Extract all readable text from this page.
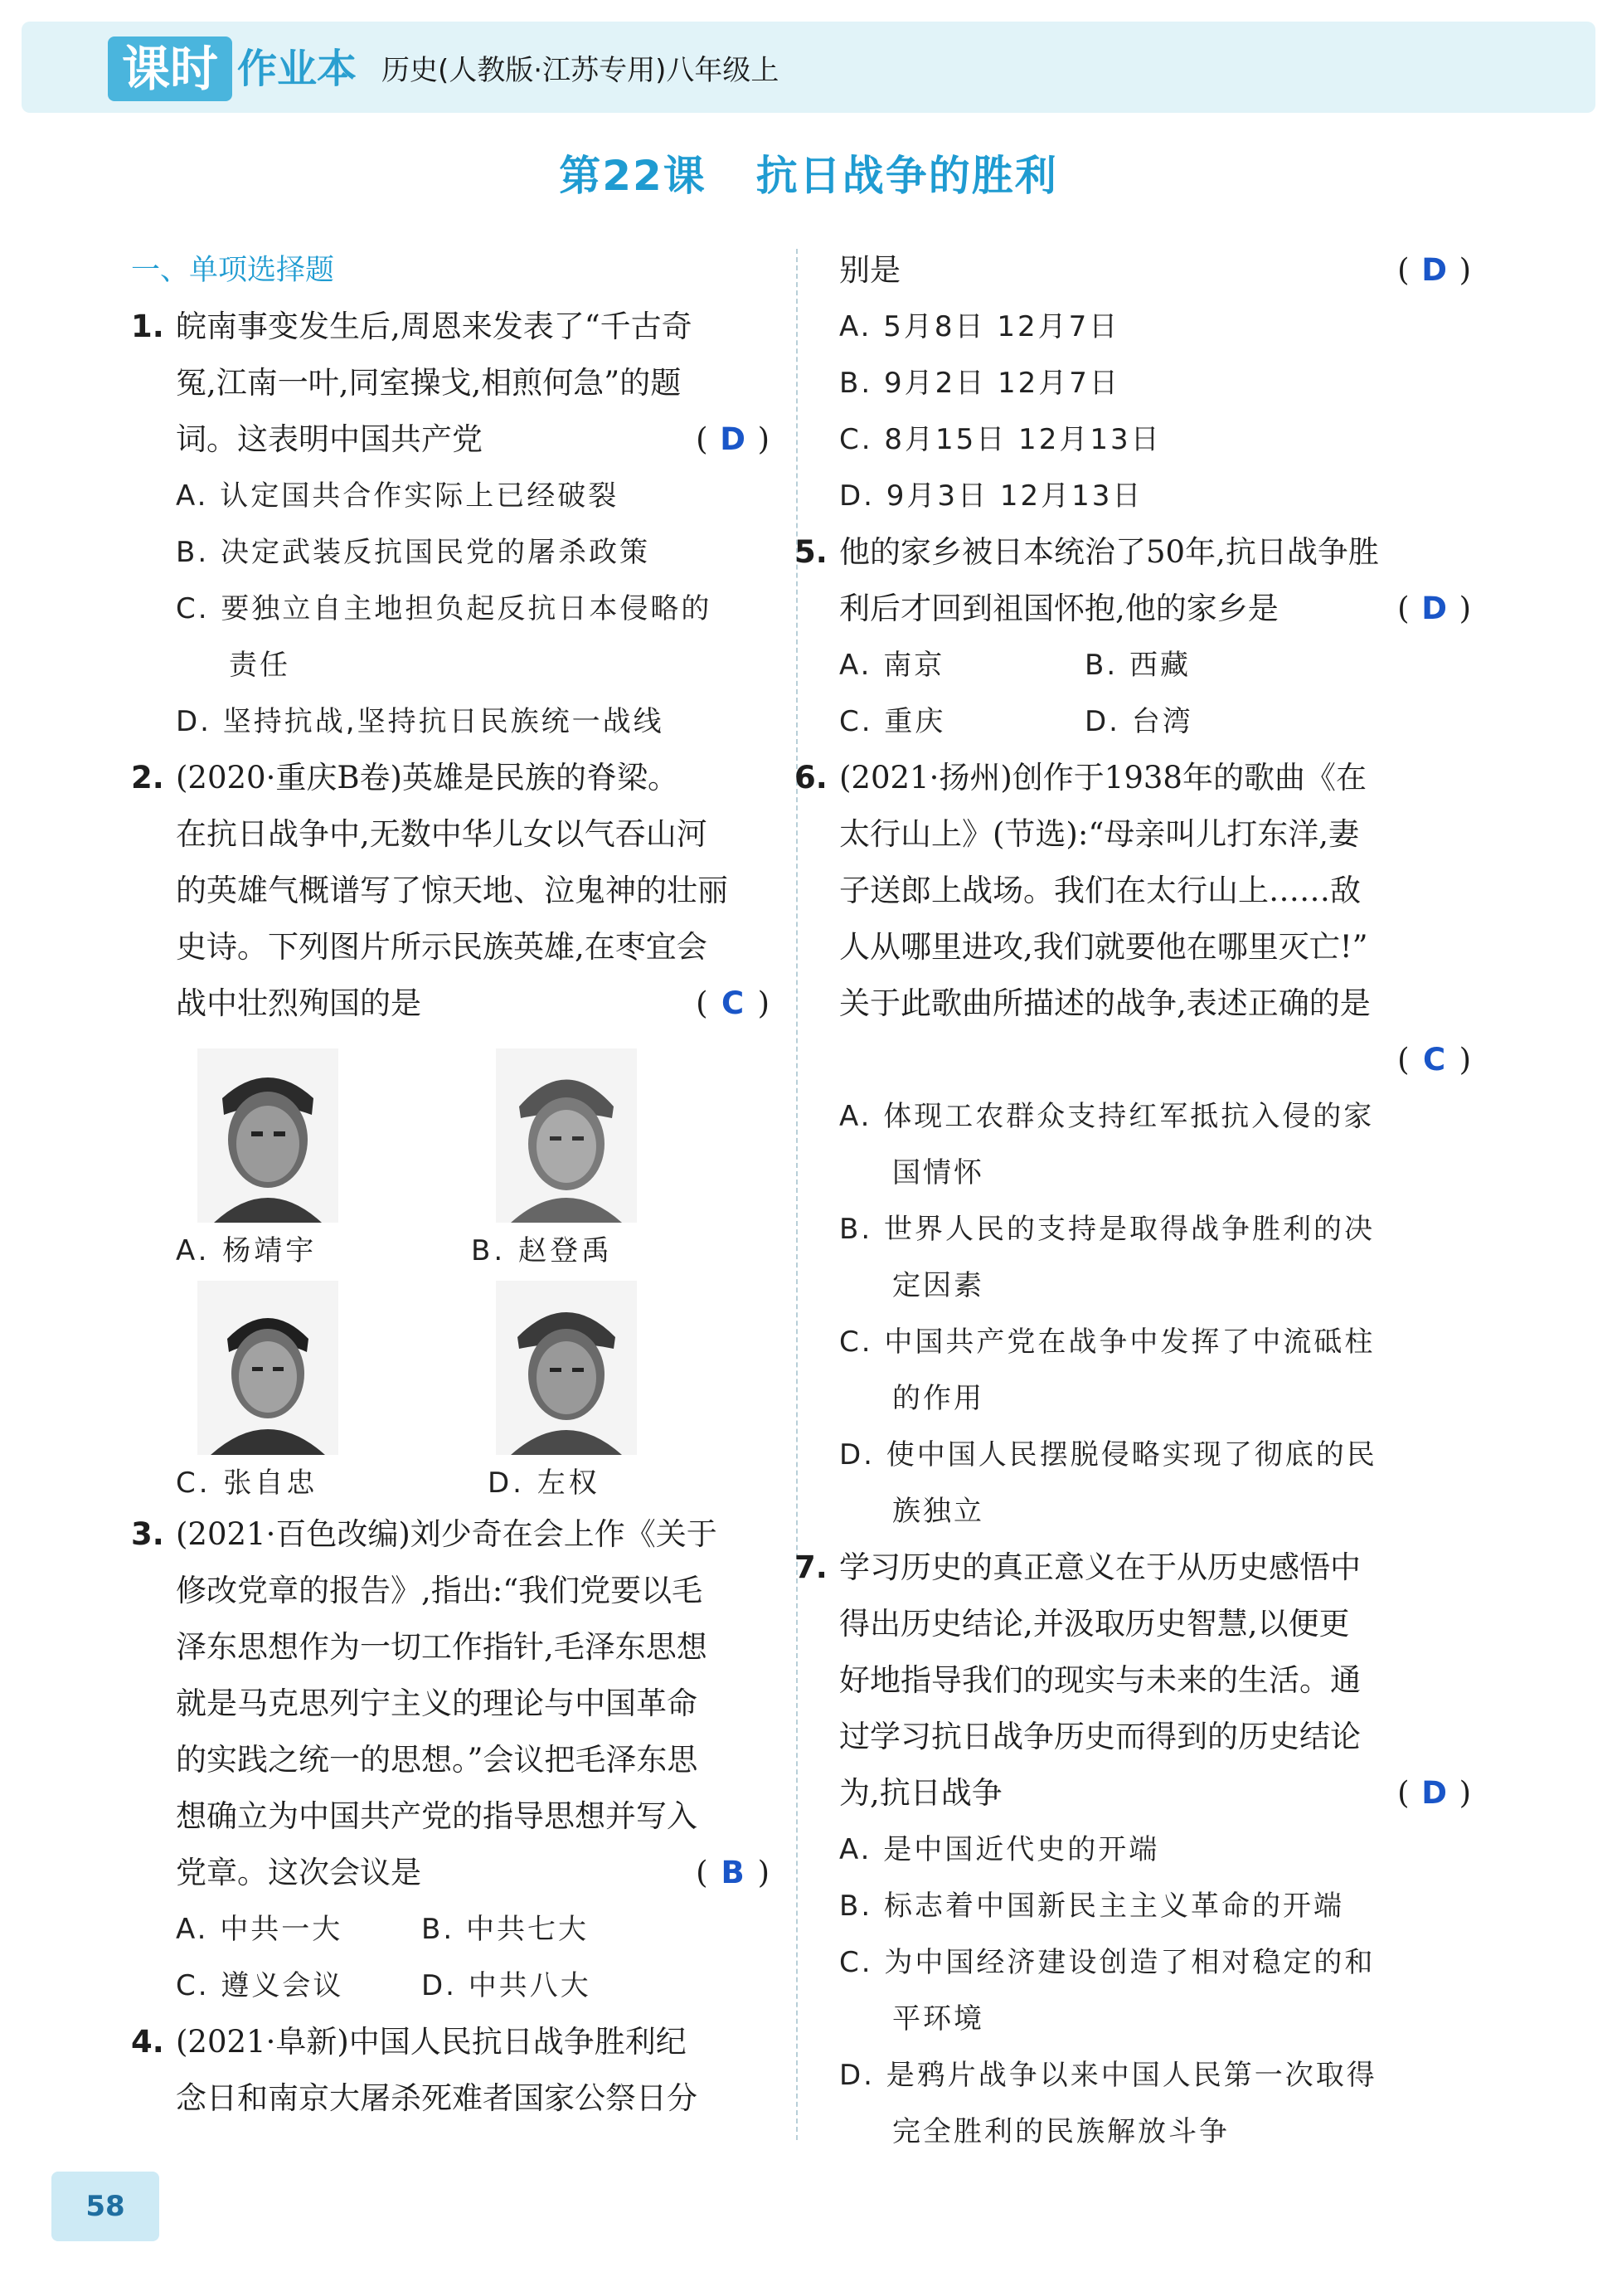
课时 作业本 历史(人教版·江苏专用)八年级上
第22课 抗日战争的胜利
一、单项选择题
1. 皖南事变发生后,周恩来发表了“千古奇
冤,江南一叶,同室操戈,相煎何急”的题
词。这表明中国共产党	( D )
A. 认定国共合作实际上已经破裂
B. 决定武装反抗国民党的屠杀政策
C. 要独立自主地担负起反抗日本侵略的
责任
D. 坚持抗战,坚持抗日民族统一战线
2. (2020·重庆B卷)英雄是民族的脊梁。
在抗日战争中,无数中华儿女以气吞山河
的英雄气概谱写了惊天地、泣鬼神的壮丽
史诗。下列图片所示民族英雄,在枣宜会
战中壮烈殉国的是	( C )
A. 杨靖宇	B. 赵登禹
C. 张自忠	D. 左权
3. (2021·百色改编)刘少奇在会上作《关于
修改党章的报告》,指出:“我们党要以毛
泽东思想作为一切工作指针,毛泽东思想
就是马克思列宁主义的理论与中国革命
的实践之统一的思想。”会议把毛泽东思
想确立为中国共产党的指导思想并写入
党章。这次会议是	( B )
A. 中共一大	B. 中共七大
C. 遵义会议	D. 中共八大
4. (2021·阜新)中国人民抗日战争胜利纪
念日和南京大屠杀死难者国家公祭日分
别是	( D )
A. 5月8日 12月7日
B. 9月2日 12月7日
C. 8月15日 12月13日
D. 9月3日 12月13日
5. 他的家乡被日本统治了50年,抗日战争胜
利后才回到祖国怀抱,他的家乡是	( D )
A. 南京	B. 西藏
C. 重庆	D. 台湾
6. (2021·扬州)创作于1938年的歌曲《在
太行山上》(节选):“母亲叫儿打东洋,妻
子送郎上战场。我们在太行山上……敌
人从哪里进攻,我们就要他在哪里灭亡!”
关于此歌曲所描述的战争,表述正确的是
( C )
A. 体现工农群众支持红军抵抗入侵的家
国情怀
B. 世界人民的支持是取得战争胜利的决
定因素
C. 中国共产党在战争中发挥了中流砥柱
的作用
D. 使中国人民摆脱侵略实现了彻底的民
族独立
7. 学习历史的真正意义在于从历史感悟中
得出历史结论,并汲取历史智慧,以便更
好地指导我们的现实与未来的生活。通
过学习抗日战争历史而得到的历史结论
为,抗日战争	( D )
A. 是中国近代史的开端
B. 标志着中国新民主主义革命的开端
C. 为中国经济建设创造了相对稳定的和
平环境
D. 是鸦片战争以来中国人民第一次取得
完全胜利的民族解放斗争
58
